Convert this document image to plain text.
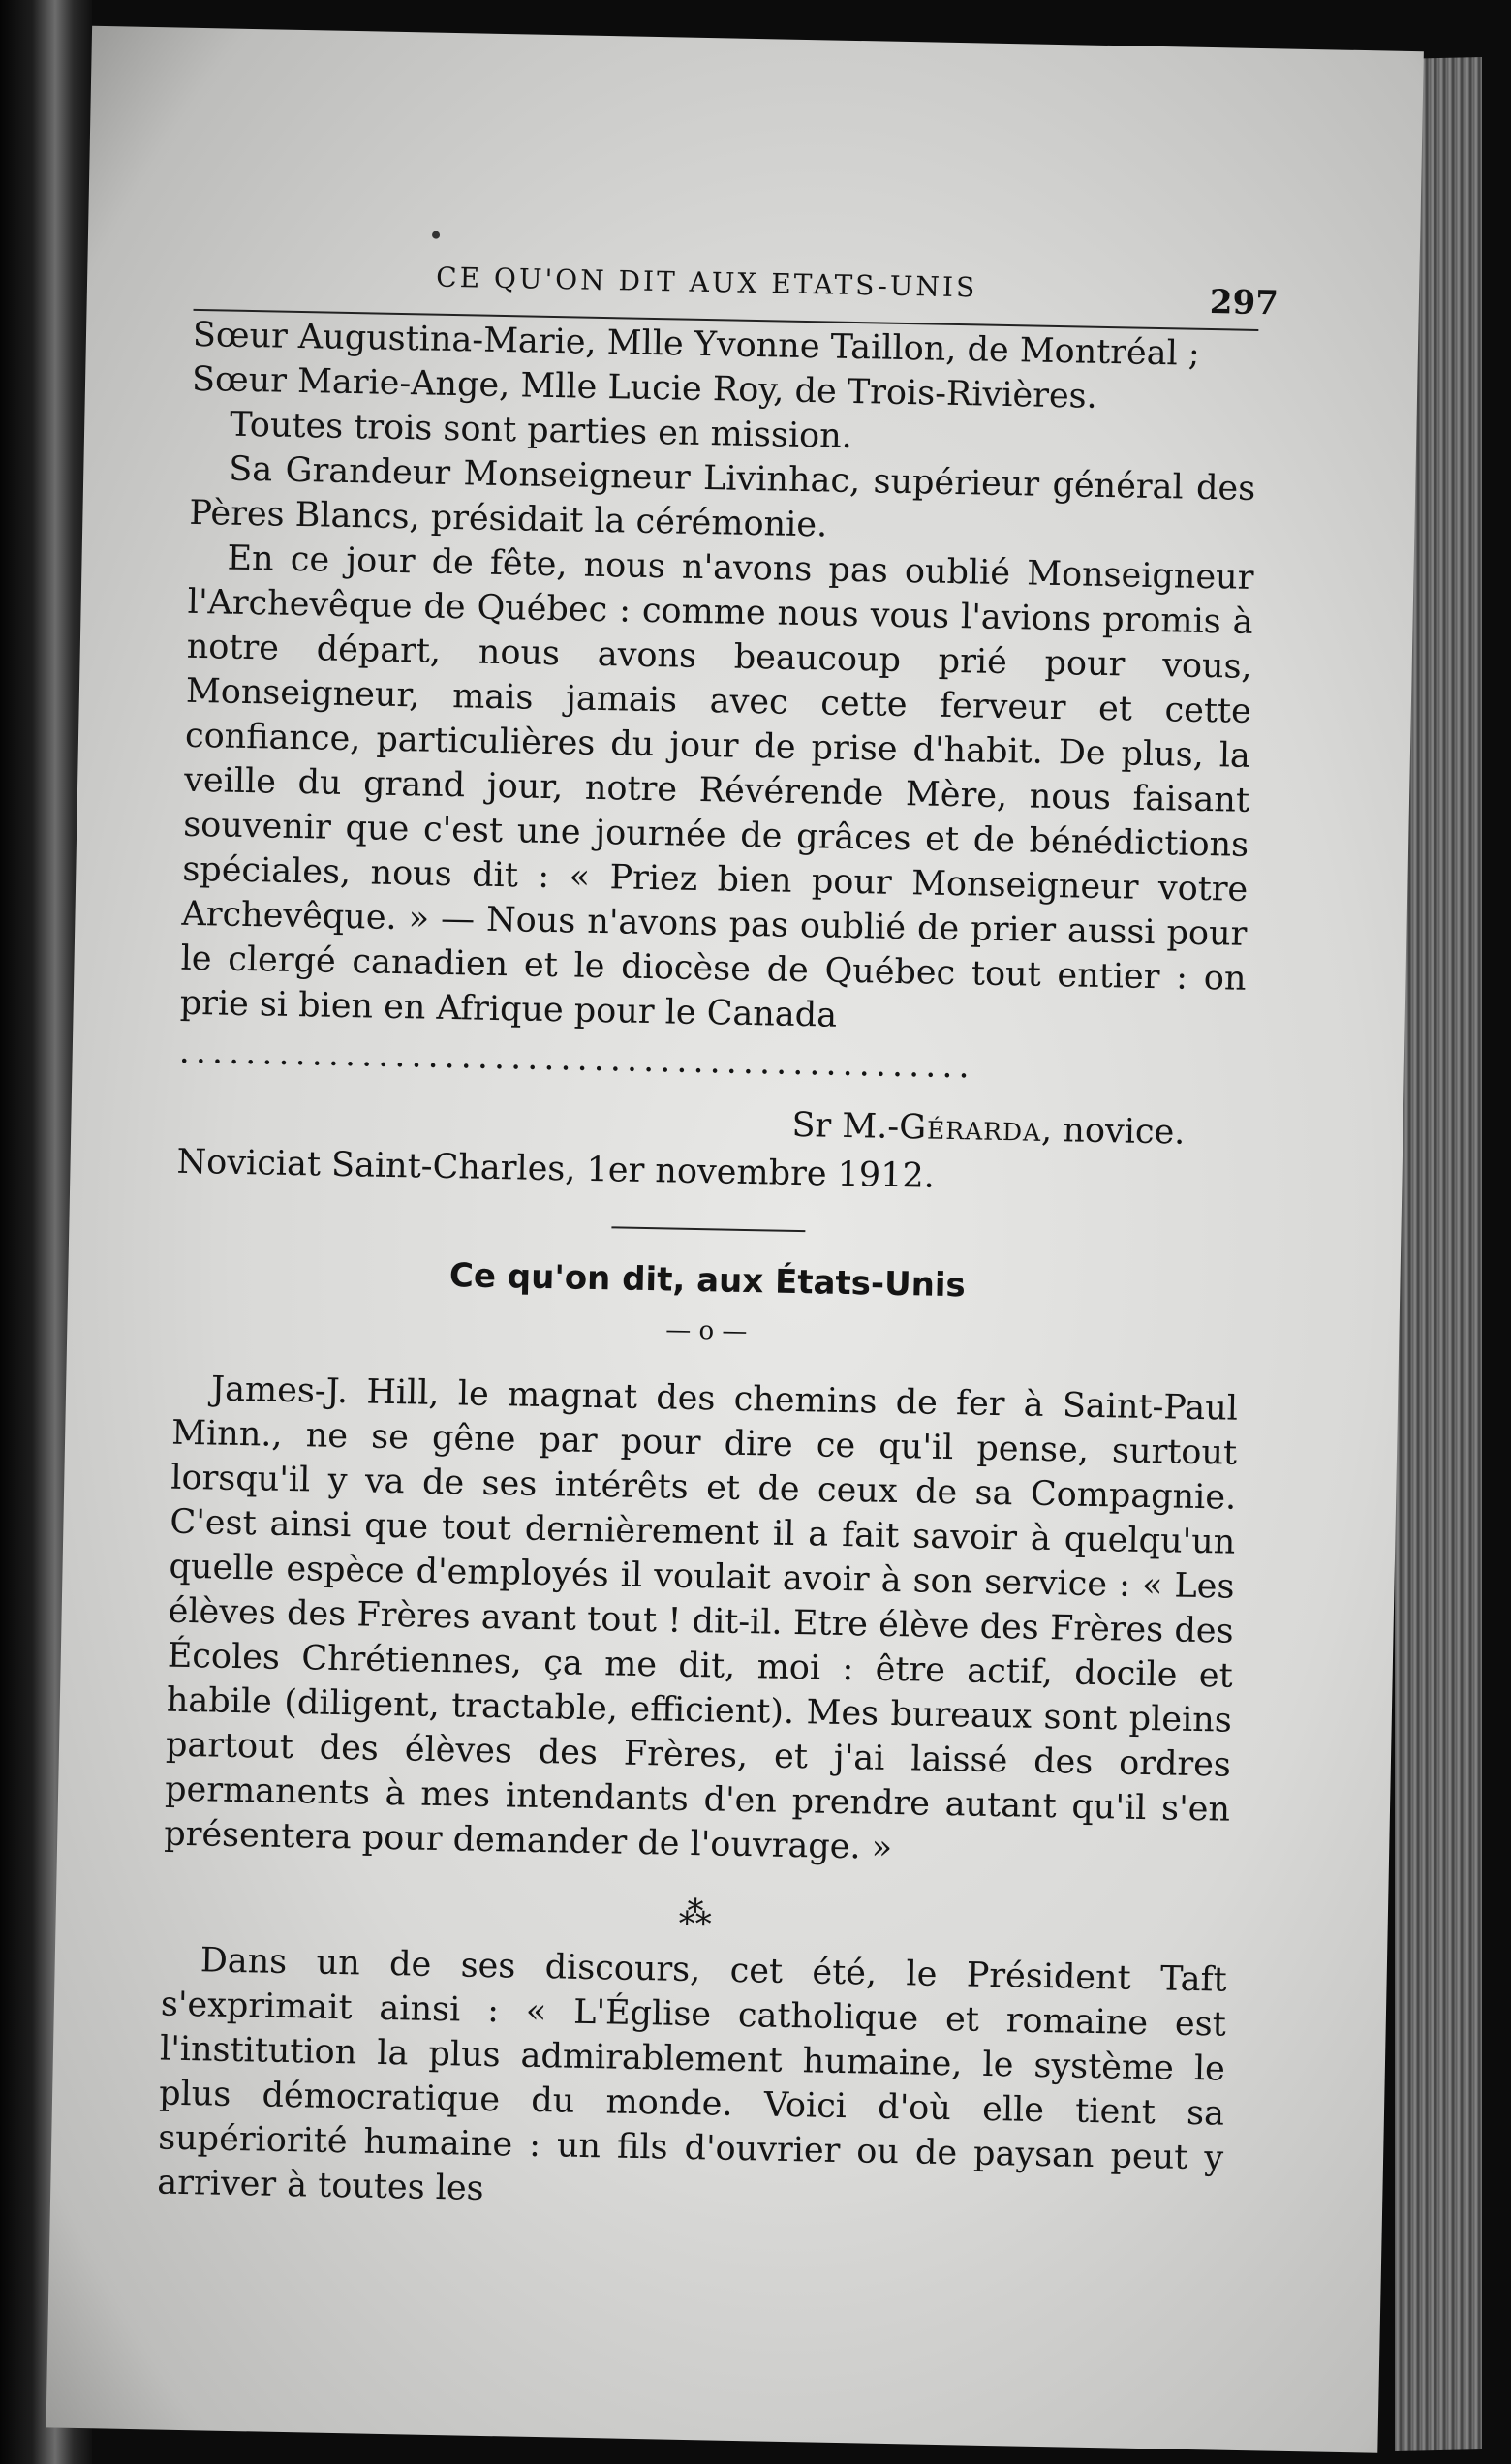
CE QU'ON DIT AUX ETATS-UNIS	297

Sœur Augustina-Marie, Mlle Yvonne Taillon, de Montréal ;

Sœur Marie-Ange, Mlle Lucie Roy, de Trois-Rivières.

Toutes trois sont parties en mission.

Sa Grandeur Monseigneur Livinhac, supérieur général des Pères Blancs, présidait la cérémonie.

En ce jour de fête, nous n'avons pas oublié Monseigneur l'Archevêque de Québec : comme nous vous l'avions promis à notre départ, nous avons beaucoup prié pour vous, Monseigneur, mais jamais avec cette ferveur et cette confiance, particulières du jour de prise d'habit. De plus, la veille du grand jour, notre Révérende Mère, nous faisant souvenir que c'est une journée de grâces et de bénédictions spéciales, nous dit : « Priez bien pour Monseigneur votre Archevêque. » — Nous n'avons pas oublié de prier aussi pour le clergé canadien et le diocèse de Québec tout entier : on prie si bien en Afrique pour le Canada

................................................
Sr M.-Gérarda, novice.

Noviciat Saint-Charles, 1er novembre 1912.

Ce qu'on dit, aux États-Unis
— o —

James-J. Hill, le magnat des chemins de fer à Saint-Paul Minn., ne se gêne par pour dire ce qu'il pense, surtout lorsqu'il y va de ses intérêts et de ceux de sa Compagnie. C'est ainsi que tout dernièrement il a fait savoir à quelqu'un quelle espèce d'employés il voulait avoir à son service : « Les élèves des Frères avant tout ! dit-il. Etre élève des Frères des Écoles Chrétiennes, ça me dit, moi : être actif, docile et habile (diligent, tractable, efficient). Mes bureaux sont pleins partout des élèves des Frères, et j'ai laissé des ordres permanents à mes intendants d'en prendre autant qu'il s'en présentera pour demander de l'ouvrage. »

⁂

Dans un de ses discours, cet été, le Président Taft s'exprimait ainsi : « L'Église catholique et romaine est l'institution la plus admirablement humaine, le système le plus démocratique du monde. Voici d'où elle tient sa supériorité humaine : un fils d'ouvrier ou de paysan peut y arriver à toutes les
